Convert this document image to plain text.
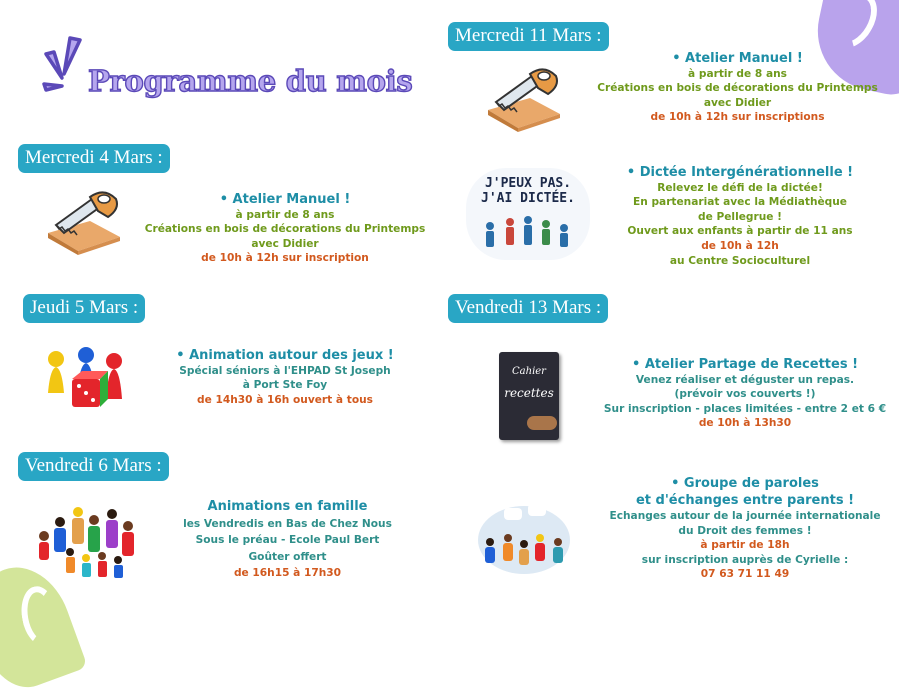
Programme du mois
Mercredi 4 Mars :
• Atelier Manuel !
à partir de 8 ans
Créations en bois de décorations du Printemps
avec Didier
de 10h à 12h sur inscription
Jeudi 5 Mars :
• Animation autour des jeux !
Spécial séniors à l'EHPAD St Joseph
à Port Ste Foy
de 14h30 à 16h ouvert à tous
Vendredi 6 Mars :
Animations en famille
les Vendredis en Bas de Chez Nous
Sous le préau - Ecole Paul Bert
Goûter offert
de 16h15 à 17h30
Mercredi 11 Mars :
• Atelier Manuel !
à partir de 8 ans
Créations en bois de décorations du Printemps
avec Didier
de 10h à 12h sur inscriptions
J'PEUX PAS.
J'AI DICTÉE.
• Dictée Intergénérationnelle !
Relevez le défi de la dictée!
En partenariat avec la Médiathèque
de Pellegrue !
Ouvert aux enfants à partir de 11 ans
de 10h à 12h
au Centre Socioculturel
Vendredi 13 Mars :
Cahier
recettes
• Atelier Partage de Recettes !
Venez réaliser et déguster un repas.
(prévoir vos couverts !)
Sur inscription - places limitées - entre 2 et 6 €
de 10h à 13h30
• Groupe de paroles
et d'échanges entre parents !
Echanges autour de la journée internationale
du Droit des femmes !
à partir de 18h
sur inscription auprès de Cyrielle :
07 63 71 11 49
